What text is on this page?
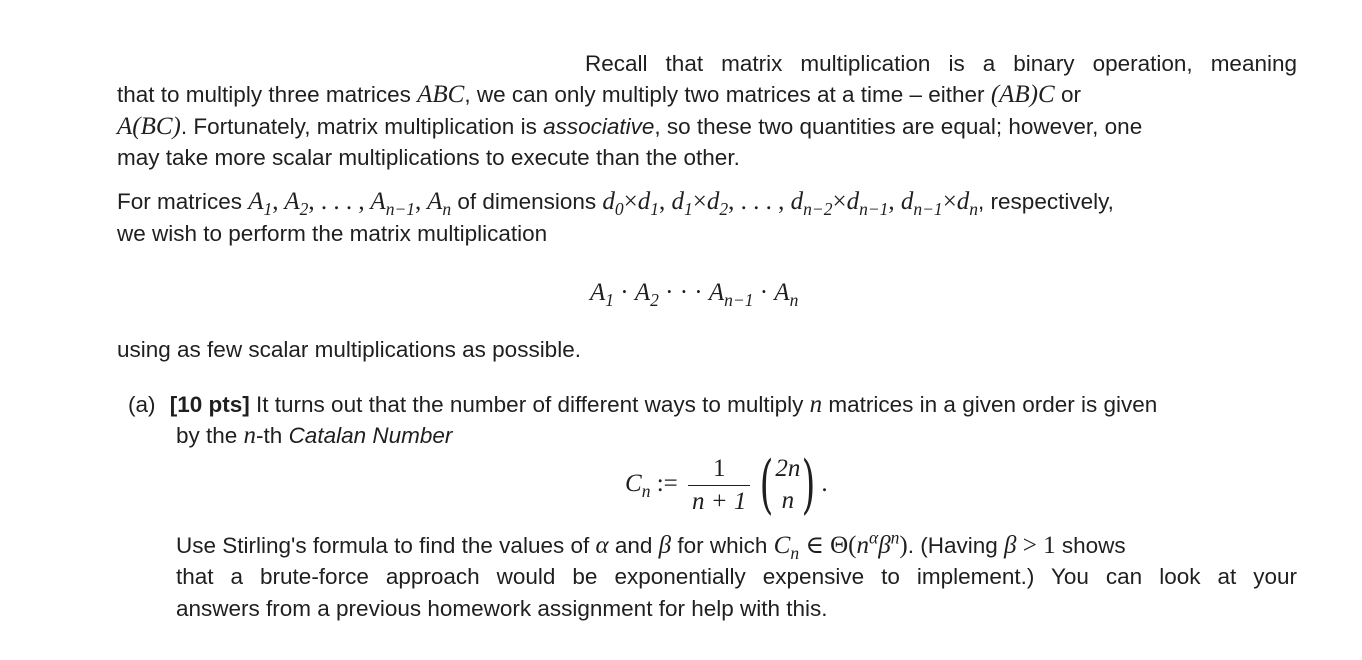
Recall that matrix multiplication is a binary operation, meaning
that to multiply three matrices ABC, we can only multiply two matrices at a time – either (AB)C or
A(BC). Fortunately, matrix multiplication is associative, so these two quantities are equal; however, one
may take more scalar multiplications to execute than the other.
For matrices $A_1$, $A_2$, . . . , $A_{n-1}$, $A_n$ of dimensions $d_0\times d_1$, $d_1\times d_2$, . . . , $d_{n-2}\times d_{n-1}$, $d_{n-1}\times d_n$, respectively,
we wish to perform the matrix multiplication
$A_1 \cdot A_2$ · · · $A_{n-1} \cdot A_n$
using as few scalar multiplications as possible.
(a) [10 pts] It turns out that the number of different ways to multiply n matrices in a given order is given
by the n-th Catalan Number
$C_n$ := $\frac{1}{n + 1}$ ( 2n
n ) .
Use Stirling's formula to find the values of α and β for which $C_n$ ∈ $\Theta(n^\alpha\beta^n)$. (Having β > 1 shows
that a brute-force approach would be exponentially expensive to implement.) You can look at your
answers from a previous homework assignment for help with this.
